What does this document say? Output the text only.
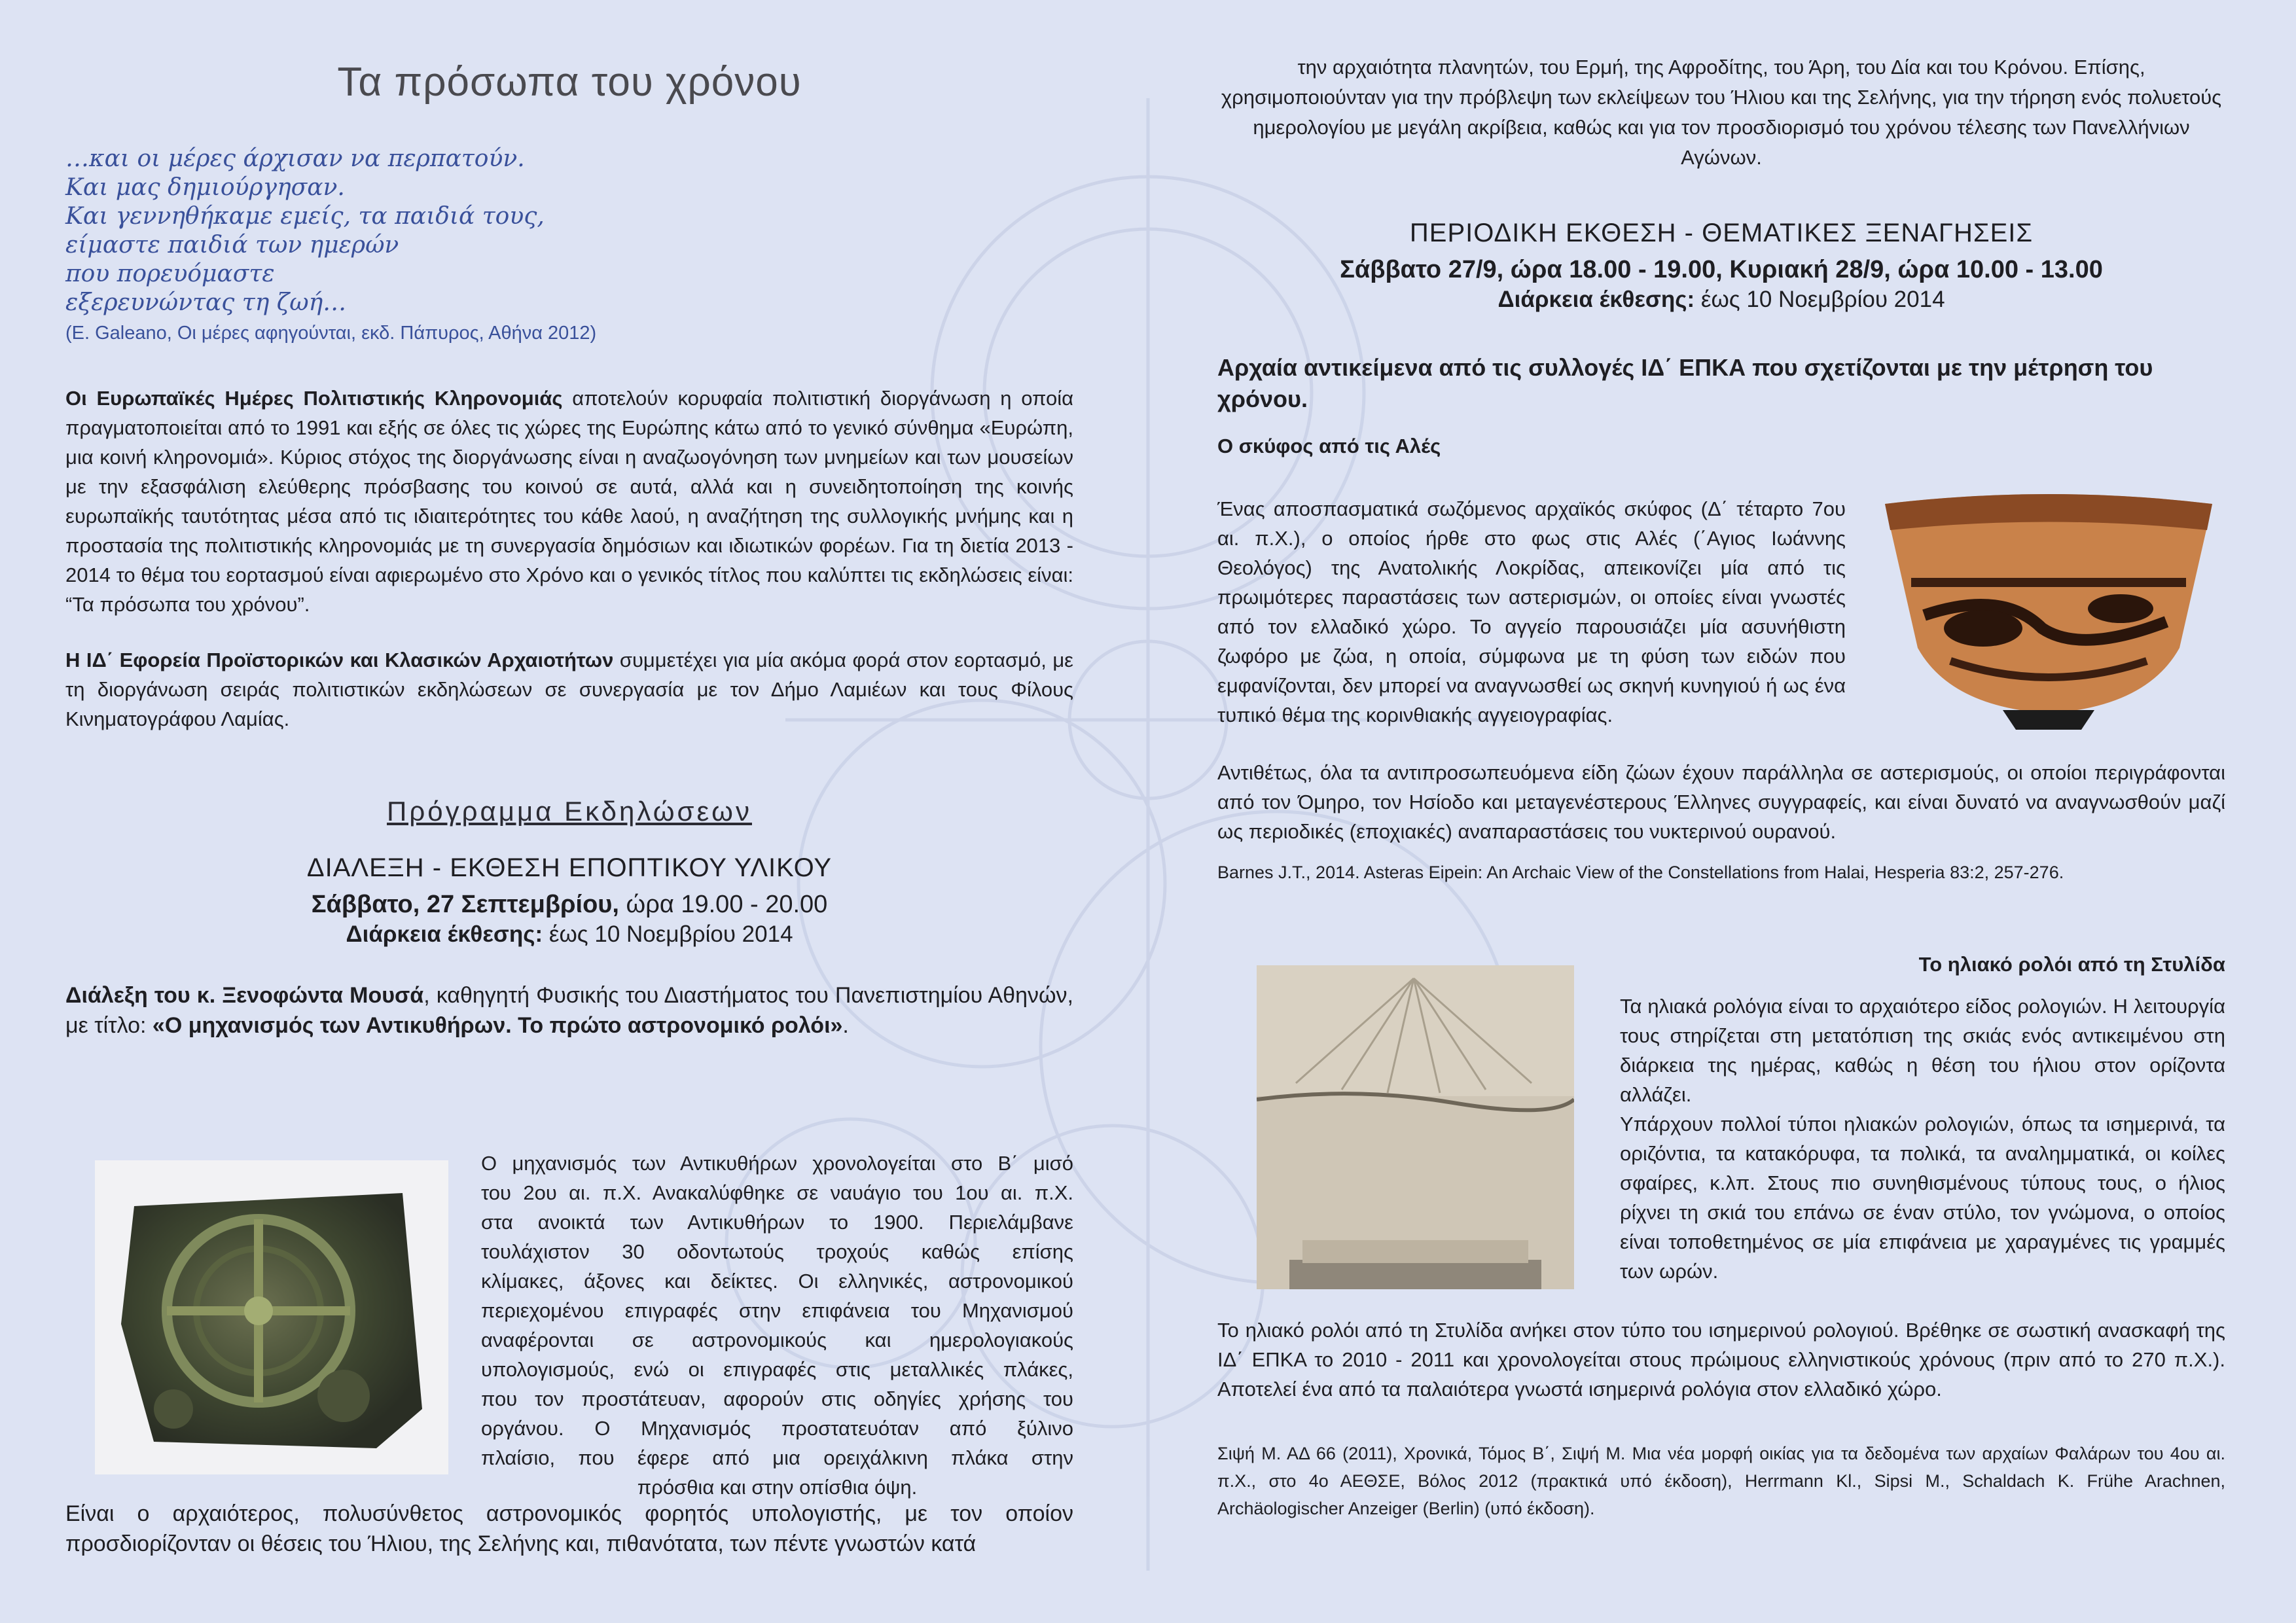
Τα πρόσωπα του χρόνου
…και οι μέρες άρχισαν να περπατούν.
Και μας δημιούργησαν.
Και γεννηθήκαμε εμείς, τα παιδιά τους,
είμαστε παιδιά των ημερών
που πορευόμαστε
εξερευνώντας τη ζωή…
(E. Galeano, Οι μέρες αφηγούνται, εκδ. Πάπυρος, Αθήνα 2012)

Οι Ευρωπαϊκές Ημέρες Πολιτιστικής Κληρονομιάς αποτελούν κορυφαία πολιτιστική διοργάνωση η οποία πραγματοποιείται από το 1991 και εξής σε όλες τις χώρες της Ευρώπης κάτω από το γενικό σύνθημα «Ευρώπη, μια κοινή κληρονομιά». Κύριος στόχος της διοργάνωσης είναι η αναζωογόνηση των μνημείων και των μουσείων με την εξασφάλιση ελεύθερης πρόσβασης του κοινού σε αυτά, αλλά και η συνειδητοποίηση της κοινής ευρωπαϊκής ταυτότητας μέσα από τις ιδιαιτερότητες του κάθε λαού, η αναζήτηση της συλλογικής μνήμης και η προστασία της πολιτιστικής κληρονομιάς με τη συνεργασία δημόσιων και ιδιωτικών φορέων. Για τη διετία 2013 - 2014 το θέμα του εορτασμού είναι αφιερωμένο στο Χρόνο και ο γενικός τίτλος που καλύπτει τις εκδηλώσεις είναι: “Τα πρόσωπα του χρόνου”.

Η ΙΔ΄ Εφορεία Προϊστορικών και Κλασικών Αρχαιοτήτων συμμετέχει για μία ακόμα φορά στον εορτασμό, με τη διοργάνωση σειράς πολιτιστικών εκδηλώσεων σε συνεργασία με τον Δήμο Λαμιέων και τους Φίλους Κινηματογράφου Λαμίας.

Πρόγραμμα Εκδηλώσεων
ΔΙΑΛΕΞΗ - ΕΚΘΕΣΗ ΕΠΟΠΤΙΚΟΥ ΥΛΙΚΟΥ
Σάββατο, 27 Σεπτεμβρίου, ώρα 19.00 - 20.00
Διάρκεια έκθεσης: έως 10 Νοεμβρίου 2014

Διάλεξη του κ. Ξενοφώντα Μουσά, καθηγητή Φυσικής του Διαστήματος του Πανεπιστημίου Αθηνών, με τίτλο: «Ο μηχανισμός των Αντικυθήρων. Το πρώτο αστρονομικό ρολόι».

Ο μηχανισμός των Αντικυθήρων χρονολογείται στο Β΄ μισό
του 2ου αι. π.Χ. Ανακαλύφθηκε σε ναυάγιο του 1ου αι. π.Χ.
στα ανοικτά των Αντικυθήρων το 1900. Περιελάμβανε
τουλάχιστον 30 οδοντωτούς τροχούς καθώς επίσης
κλίμακες, άξονες και δείκτες. Οι ελληνικές, αστρονομικού
περιεχομένου επιγραφές στην επιφάνεια του Μηχανισμού
αναφέρονται σε αστρονομικούς και ημερολογιακούς
υπολογισμούς, ενώ οι επιγραφές στις μεταλλικές πλάκες,
που τον προστάτευαν, αφορούν στις οδηγίες χρήσης του
οργάνου. Ο Μηχανισμός προστατευόταν από ξύλινο
πλαίσιο, που έφερε από μια ορειχάλκινη πλάκα στην
πρόσθια και στην οπίσθια όψη.

Είναι ο αρχαιότερος, πολυσύνθετος αστρονομικός φορητός υπολογιστής, με τον οποίον προσδιορίζονταν οι θέσεις του Ήλιου, της Σελήνης και, πιθανότατα, των πέντε γνωστών κατά

την αρχαιότητα πλανητών, του Ερμή, της Αφροδίτης, του Άρη, του Δία και του Κρόνου. Επίσης, χρησιμοποιούνταν για την πρόβλεψη των εκλείψεων του Ήλιου και της Σελήνης, για την τήρηση ενός πολυετούς ημερολογίου με μεγάλη ακρίβεια, καθώς και για τον προσδιορισμό του χρόνου τέλεσης των Πανελλήνιων Αγώνων.

ΠΕΡΙΟΔΙΚΗ ΕΚΘΕΣΗ - ΘΕΜΑΤΙΚΕΣ ΞΕΝΑΓΗΣΕΙΣ
Σάββατο 27/9, ώρα 18.00 - 19.00, Κυριακή 28/9, ώρα 10.00 - 13.00
Διάρκεια έκθεσης: έως 10 Νοεμβρίου 2014

Αρχαία αντικείμενα από τις συλλογές ΙΔ΄ ΕΠΚΑ που σχετίζονται με την μέτρηση του χρόνου.

Ο σκύφος από τις Αλές

Ένας αποσπασματικά σωζόμενος αρχαϊκός σκύφος (Δ΄ τέταρτο 7ου αι. π.Χ.), ο οποίος ήρθε στο φως στις Αλές (΄Αγιος Ιωάννης Θεολόγος) της Ανατολικής Λοκρίδας, απεικονίζει μία από τις πρωιμότερες παραστάσεις των αστερισμών, οι οποίες είναι γνωστές από τον ελλαδικό χώρο. Το αγγείο παρουσιάζει μία ασυνήθιστη ζωφόρο με ζώα, η οποία, σύμφωνα με τη φύση των ειδών που εμφανίζονται, δεν μπορεί να αναγνωσθεί ως σκηνή κυνηγιού ή ως ένα τυπικό θέμα της κορινθιακής αγγειογραφίας.

Αντιθέτως, όλα τα αντιπροσωπευόμενα είδη ζώων έχουν παράλληλα σε αστερισμούς, οι οποίοι περιγράφονται από τον Όμηρο, τον Ησίοδο και μεταγενέστερους Έλληνες συγγραφείς, και είναι δυνατό να αναγνωσθούν μαζί ως περιοδικές (εποχιακές) αναπαραστάσεις του νυκτερινού ουρανού.

Barnes J.T., 2014. Asteras Eipein: An Archaic View of the Constellations from Halai, Hesperia 83:2, 257-276.

Το ηλιακό ρολόι από τη Στυλίδα

Τα ηλιακά ρολόγια είναι το αρχαιότερο είδος ρολογιών. Η λειτουργία τους στηρίζεται στη μετατόπιση της σκιάς ενός αντικειμένου στη διάρκεια της ημέρας, καθώς η θέση του ήλιου στον ορίζοντα αλλάζει.

Υπάρχουν πολλοί τύποι ηλιακών ρολογιών, όπως τα ισημερινά, τα οριζόντια, τα κατακόρυφα, τα πολικά, τα αναλημματικά, οι κοίλες σφαίρες, κ.λπ. Στους πιο συνηθισμένους τύπους τους, ο ήλιος ρίχνει τη σκιά του επάνω σε έναν στύλο, τον γνώμονα, ο οποίος είναι τοποθετημένος σε μία επιφάνεια με χαραγμένες τις γραμμές των ωρών.

Το ηλιακό ρολόι από τη Στυλίδα ανήκει στον τύπο του ισημερινού ρολογιού. Βρέθηκε σε σωστική ανασκαφή της ΙΔ΄ ΕΠΚΑ το 2010 - 2011 και χρονολογείται στους πρώιμους ελληνιστικούς χρόνους (πριν από το 270 π.Χ.). Αποτελεί ένα από τα παλαιότερα γνωστά ισημερινά ρολόγια στον ελλαδικό χώρο.

Σιψή Μ. ΑΔ 66 (2011), Χρονικά, Τόμος Β΄, Σιψή Μ. Μια νέα μορφή οικίας για τα δεδομένα των αρχαίων Φαλάρων του 4ου αι. π.Χ., στο 4ο ΑΕΘΣΕ, Βόλος 2012 (πρακτικά υπό έκδοση), Herrmann Kl., Sipsi M., Schaldach K. Frühe Arachnen, Archäologischer Anzeiger (Berlin) (υπό έκδοση).
